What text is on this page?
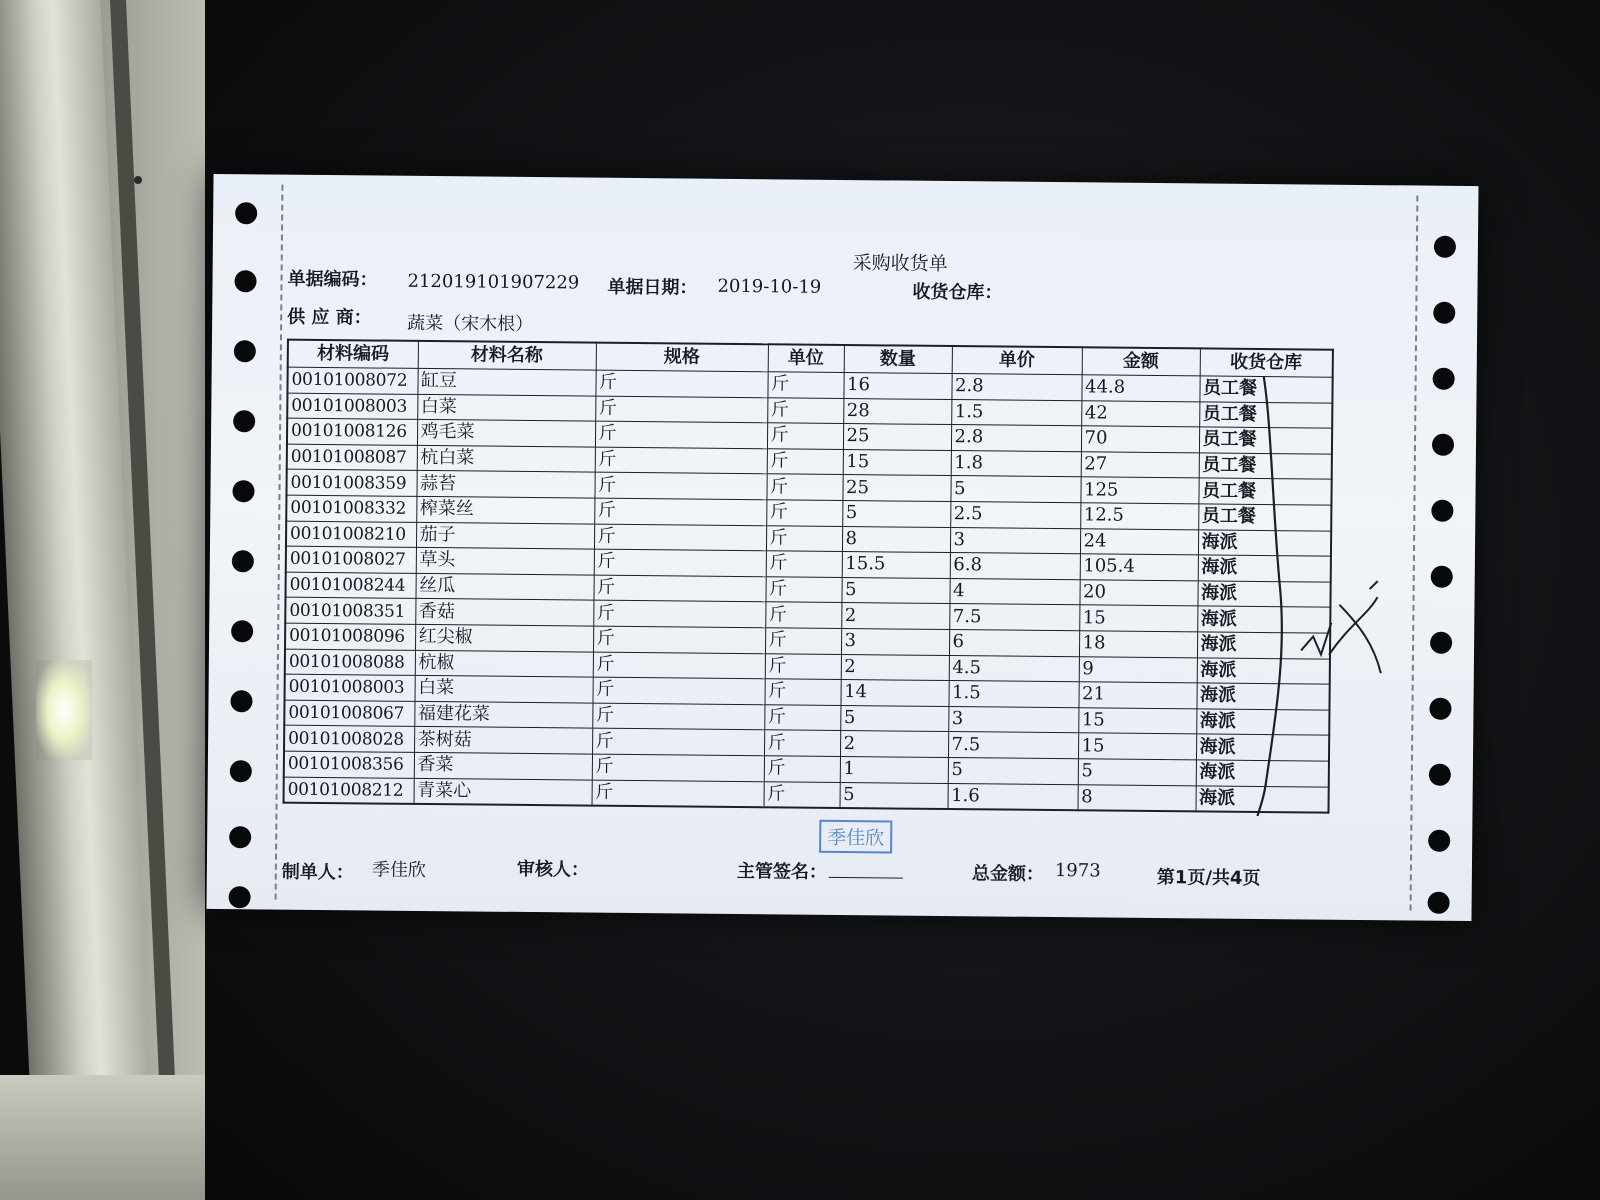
采购收货单
单据编码： 212019101907229 单据日期： 2019-10-19	收货仓库：
供 应 商： 蔬菜（宋木根）
材料编码	材料名称	规格	单位	数量	单价	金额	收货仓库
00101008072	缸豆	斤	斤	16	2.8	44.8	员工餐
00101008003	白菜	斤	斤	28	1.5	42	员工餐
00101008126	鸡毛菜	斤	斤	25	2.8	70	员工餐
00101008087	杭白菜	斤	斤	15	1.8	27	员工餐
00101008359	蒜苔	斤	斤	25	5	125	员工餐
00101008332	榨菜丝	斤	斤	5	2.5	12.5	员工餐
00101008210	茄子	斤	斤	8	3	24	海派
00101008027	草头	斤	斤	15.5	6.8	105.4	海派
00101008244	丝瓜	斤	斤	5	4	20	海派
00101008351	香菇	斤	斤	2	7.5	15	海派
00101008096	红尖椒	斤	斤	3	6	18	海派
00101008088	杭椒	斤	斤	2	4.5	9	海派
00101008003	白菜	斤	斤	14	1.5	21	海派
00101008067	福建花菜	斤	斤	5	3	15	海派
00101008028	茶树菇	斤	斤	2	7.5	15	海派
00101008356	香菜	斤	斤	1	5	5	海派
00101008212	青菜心	斤	斤	5	1.6	8	海派
季佳欣
制单人： 季佳欣	审核人：	主管签名：	总金额： 1973	第1页/共4页
